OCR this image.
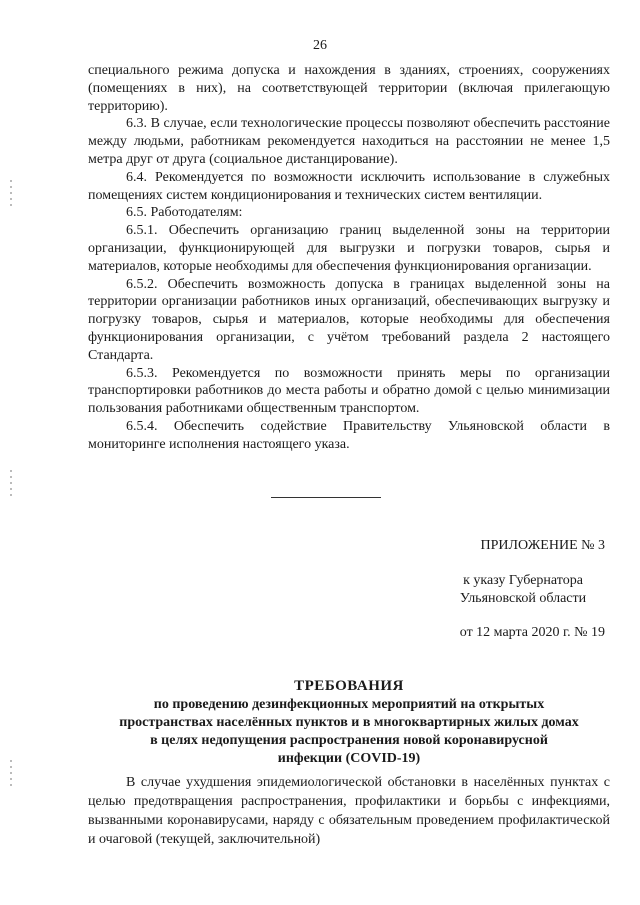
26

специального режима допуска и нахождения в зданиях, строениях, сооружениях (помещениях в них), на соответствующей территории (включая прилегающую территорию).

6.3. В случае, если технологические процессы позволяют обеспечить расстояние между людьми, работникам рекомендуется находиться на расстоянии не менее 1,5 метра друг от друга (социальное дистанцирование).

6.4. Рекомендуется по возможности исключить использование в служебных помещениях систем кондиционирования и технических систем вентиляции.

6.5. Работодателям:

6.5.1. Обеспечить организацию границ выделенной зоны на территории организации, функционирующей для выгрузки и погрузки товаров, сырья и материалов, которые необходимы для обеспечения функционирования организации.

6.5.2. Обеспечить возможность допуска в границах выделенной зоны на территории организации работников иных организаций, обеспечивающих выгрузку и погрузку товаров, сырья и материалов, которые необходимы для обеспечения функционирования организации, с учётом требований раздела 2 настоящего Стандарта.

6.5.3. Рекомендуется по возможности принять меры по организации транспортировки работников до места работы и обратно домой с целью минимизации пользования работниками общественным транспортом.

6.5.4. Обеспечить содействие Правительству Ульяновской области в мониторинге исполнения настоящего указа.

ПРИЛОЖЕНИЕ № 3
к указу Губернатора
Ульяновской области
от 12 марта 2020 г. № 19
ТРЕБОВАНИЯ
по проведению дезинфекционных мероприятий на открытых
пространствах населённых пунктов и в многоквартирных жилых домах
в целях недопущения распространения новой коронавирусной
инфекции (COVID-19)

В случае ухудшения эпидемиологической обстановки в населённых пунктах с целью предотвращения распространения, профилактики и борьбы с инфекциями, вызванными коронавирусами, наряду с обязательным проведением профилактической и очаговой (текущей, заключительной)
